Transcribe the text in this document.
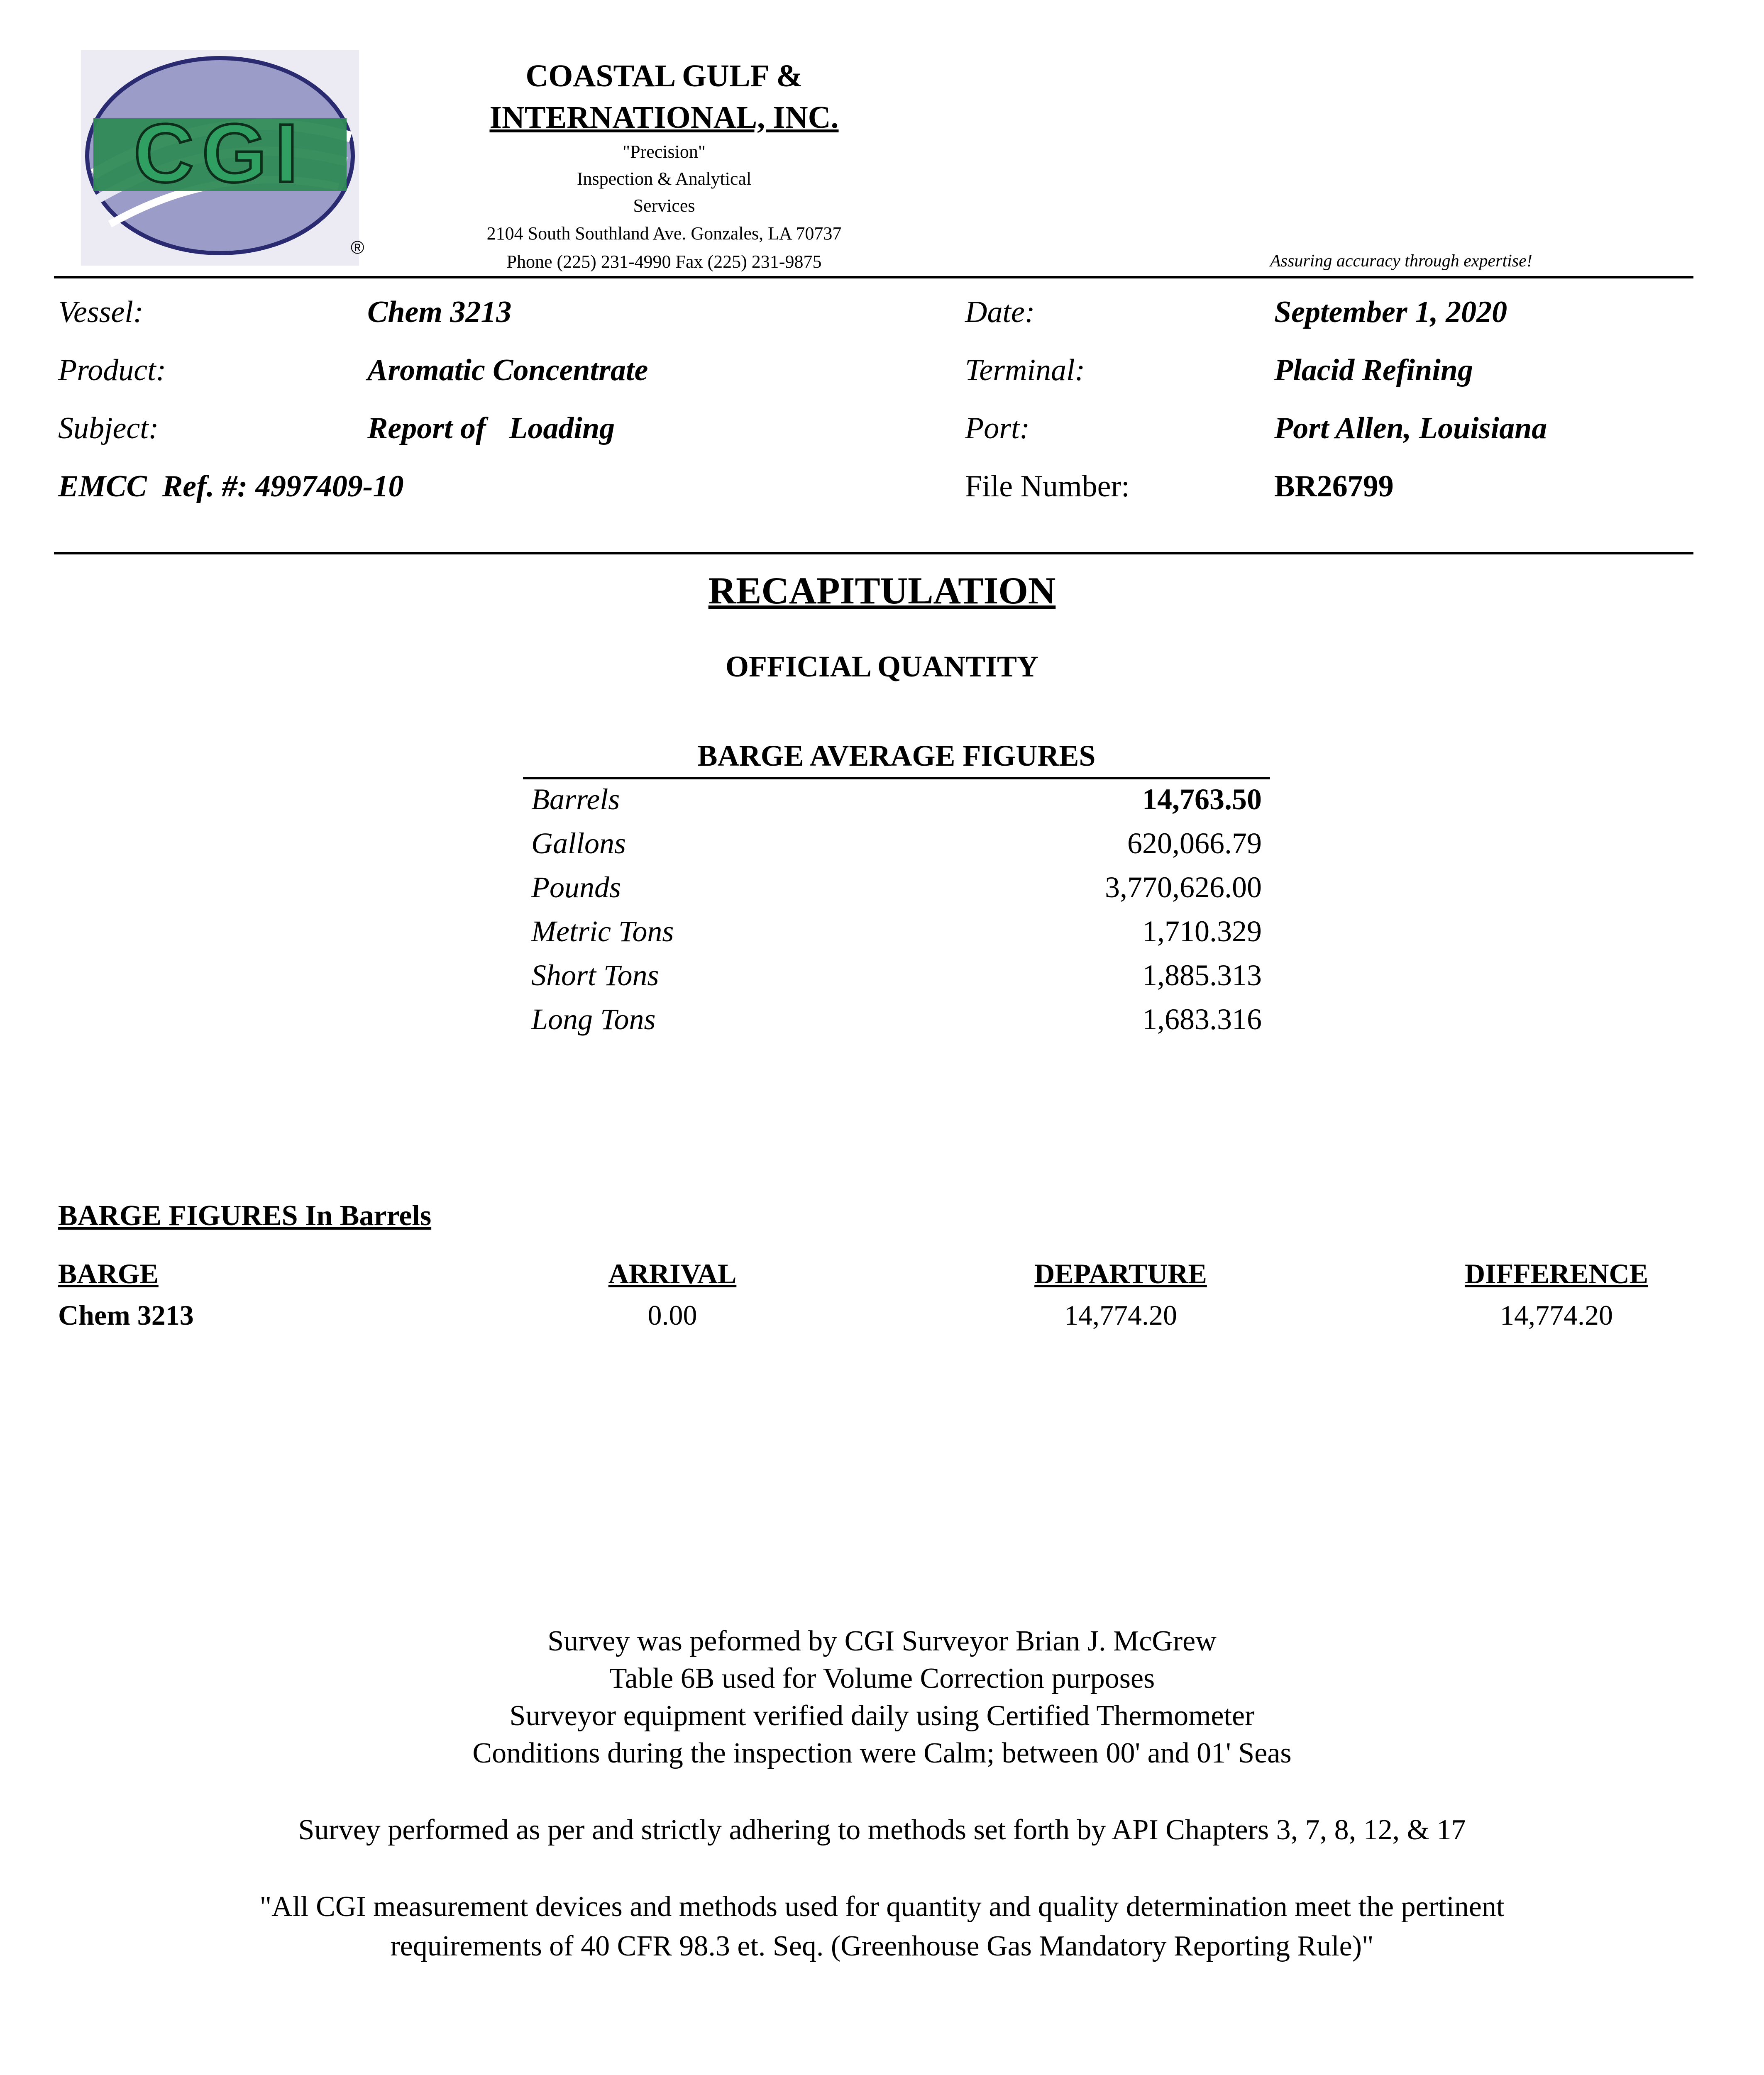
CGI
®
COASTAL GULF &
INTERNATIONAL, INC.
"Precision"
Inspection & Analytical
Services
2104 South Southland Ave. Gonzales, LA 70737
Phone (225) 231-4990 Fax (225) 231-9875	Assuring accuracy through expertise!
Vessel:	Chem 3213	Date:	September 1, 2020
Product:	Aromatic Concentrate	Terminal:	Placid Refining
Subject:	Report of   Loading	Port:	Port Allen, Louisiana
EMCC  Ref. #: 4997409-10	File Number:	BR26799
RECAPITULATION
OFFICIAL QUANTITY
BARGE AVERAGE FIGURES
Barrels	14,763.50
Gallons	620,066.79
Pounds	3,770,626.00
Metric Tons	1,710.329
Short Tons	1,885.313
Long Tons	1,683.316
BARGE FIGURES In Barrels
BARGE	ARRIVAL	DEPARTURE	DIFFERENCE
Chem 3213	0.00	14,774.20	14,774.20
Survey was peformed by CGI Surveyor Brian J. McGrew
Table 6B used for Volume Correction purposes
Surveyor equipment verified daily using Certified Thermometer
Conditions during the inspection were Calm; between 00' and 01' Seas
Survey performed as per and strictly adhering to methods set forth by API Chapters 3, 7, 8, 12, & 17
"All CGI measurement devices and methods used for quantity and quality determination meet the pertinent
requirements of 40 CFR 98.3 et. Seq. (Greenhouse Gas Mandatory Reporting Rule)"
